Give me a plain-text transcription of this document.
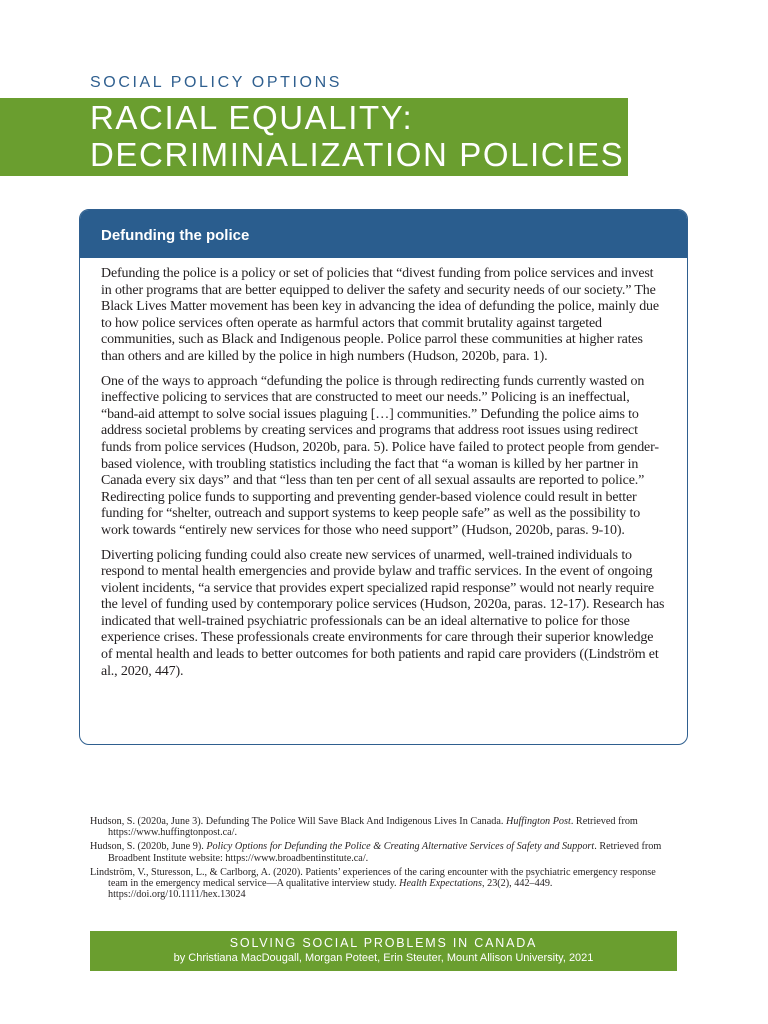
SOCIAL POLICY OPTIONS
RACIAL EQUALITY:
DECRIMINALIZATION POLICIES
Defunding the police

Defunding the police is a policy or set of policies that “divest funding from police services and invest in other programs that are better equipped to deliver the safety and security needs of our society.” The Black Lives Matter movement has been key in advancing the idea of defunding the police, mainly due to how police services often operate as harmful actors that commit brutality against targeted communities, such as Black and Indigenous people. Police parrol these communities at higher rates than others and are killed by the police in high numbers (Hudson, 2020b, para. 1).

One of the ways to approach “defunding the police is through redirecting funds currently wasted on ineffective policing to services that are constructed to meet our needs.” Policing is an ineffectual, “band-aid attempt to solve social issues plaguing […] communities.” Defunding the police aims to address societal problems by creating services and programs that address root issues using redirect funds from police services (Hudson, 2020b, para. 5). Police have failed to protect people from gender-based violence, with troubling statistics including the fact that “a woman is killed by her partner in Canada every six days” and that “less than ten per cent of all sexual assaults are reported to police.” Redirecting police funds to supporting and preventing gender-based violence could result in better funding for “shelter, outreach and support systems to keep people safe” as well as the possibility to work towards “entirely new services for those who need support” (Hudson, 2020b, paras. 9-10).

Diverting policing funding could also create new services of unarmed, well-trained individuals to respond to mental health emergencies and provide bylaw and traffic services. In the event of ongoing violent incidents, “a service that provides expert specialized rapid response” would not nearly require the level of funding used by contemporary police services (Hudson, 2020a, paras. 12-17). Research has indicated that well-trained psychiatric professionals can be an ideal alternative to police for those experience crises. These professionals create environments for care through their superior knowledge of mental health and leads to better outcomes for both patients and rapid care providers ((Lindström et al., 2020, 447).

Hudson, S. (2020a, June 3). Defunding The Police Will Save Black And Indigenous Lives In Canada. Huffington Post. Retrieved from https://www.huffingtonpost.ca/.
Hudson, S. (2020b, June 9). Policy Options for Defunding the Police & Creating Alternative Services of Safety and Support. Retrieved from Broadbent Institute website: https://www.broadbentinstitute.ca/.
Lindström, V., Sturesson, L., & Carlborg, A. (2020). Patients’ experiences of the caring encounter with the psychiatric emergency response team in the emergency medical service—A qualitative interview study. Health Expectations, 23(2), 442–449. https://doi.org/10.1111/hex.13024
SOLVING SOCIAL PROBLEMS IN CANADA
by Christiana MacDougall, Morgan Poteet, Erin Steuter, Mount Allison University, 2021
